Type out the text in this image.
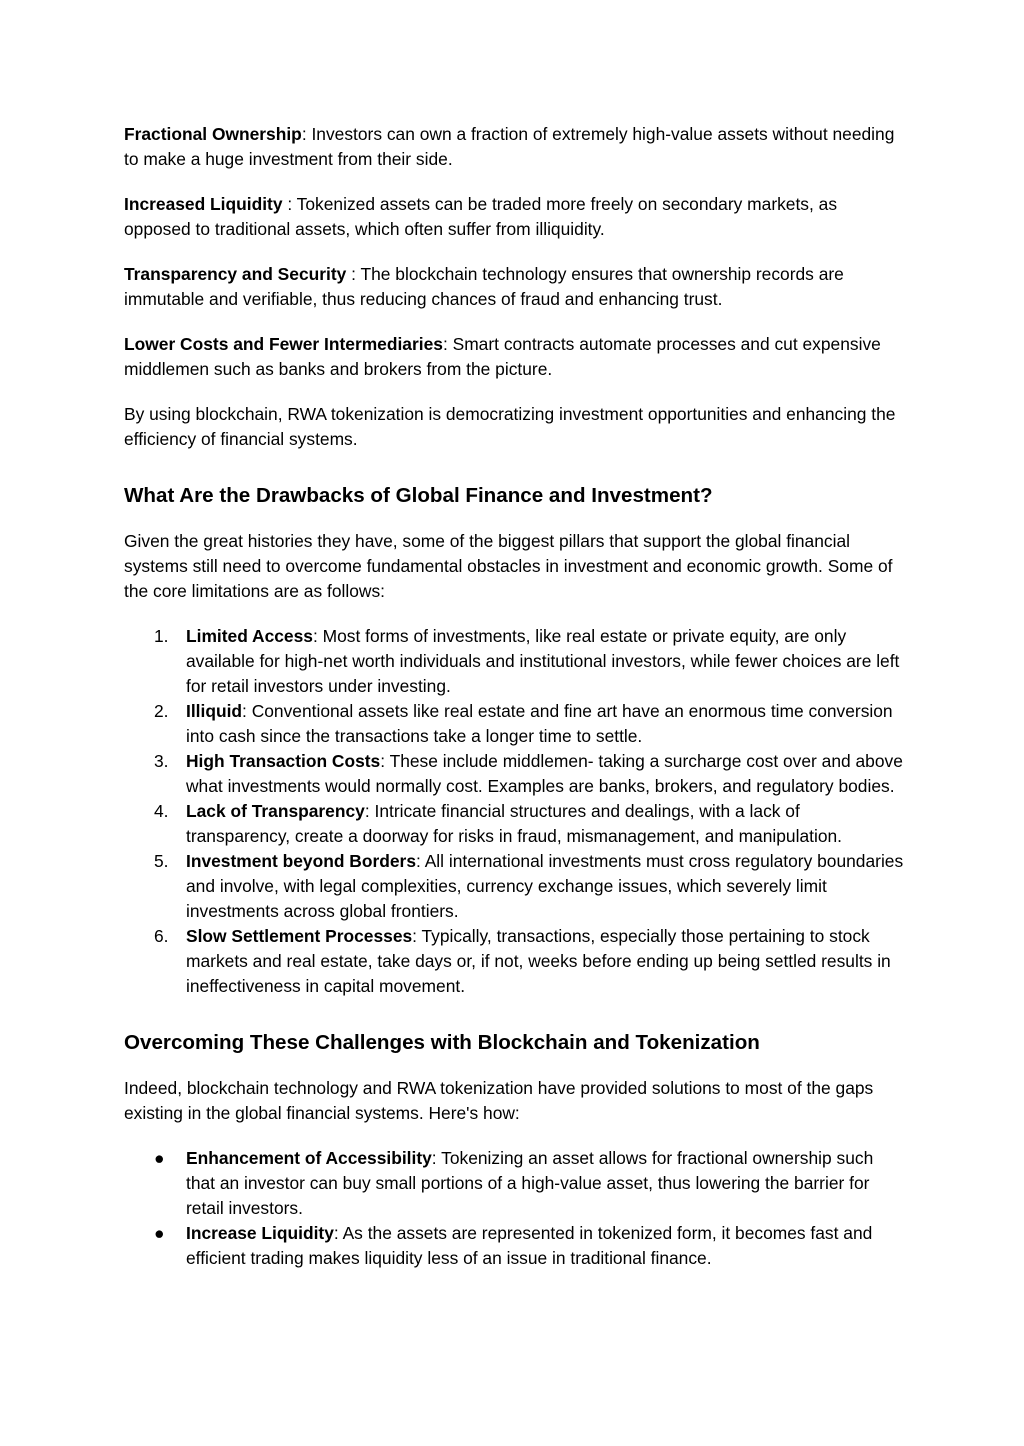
Fractional Ownership: Investors can own a fraction of extremely high-value assets without needing to make a huge investment from their side.

Increased Liquidity : Tokenized assets can be traded more freely on secondary markets, as opposed to traditional assets, which often suffer from illiquidity.

Transparency and Security : The blockchain technology ensures that ownership records are immutable and verifiable, thus reducing chances of fraud and enhancing trust.

Lower Costs and Fewer Intermediaries: Smart contracts automate processes and cut expensive middlemen such as banks and brokers from the picture.

By using blockchain, RWA tokenization is democratizing investment opportunities and enhancing the efficiency of financial systems.

What Are the Drawbacks of Global Finance and Investment?

Given the great histories they have, some of the biggest pillars that support the global financial systems still need to overcome fundamental obstacles in investment and economic growth. Some of the core limitations are as follows:

1.	Limited Access: Most forms of investments, like real estate or private equity, are only available for high-net worth individuals and institutional investors, while fewer choices are left for retail investors under investing.
2.	Illiquid: Conventional assets like real estate and fine art have an enormous time conversion into cash since the transactions take a longer time to settle.
3.	High Transaction Costs: These include middlemen- taking a surcharge cost over and above what investments would normally cost. Examples are banks, brokers, and regulatory bodies.
4.	Lack of Transparency: Intricate financial structures and dealings, with a lack of transparency, create a doorway for risks in fraud, mismanagement, and manipulation.
5.	Investment beyond Borders: All international investments must cross regulatory boundaries and involve, with legal complexities, currency exchange issues, which severely limit investments across global frontiers.
6.	Slow Settlement Processes: Typically, transactions, especially those pertaining to stock markets and real estate, take days or, if not, weeks before ending up being settled results in ineffectiveness in capital movement.
Overcoming These Challenges with Blockchain and Tokenization

Indeed, blockchain technology and RWA tokenization have provided solutions to most of the gaps existing in the global financial systems. Here's how:

●	Enhancement of Accessibility: Tokenizing an asset allows for fractional ownership such that an investor can buy small portions of a high-value asset, thus lowering the barrier for retail investors.
●	Increase Liquidity: As the assets are represented in tokenized form, it becomes fast and efficient trading makes liquidity less of an issue in traditional finance.
